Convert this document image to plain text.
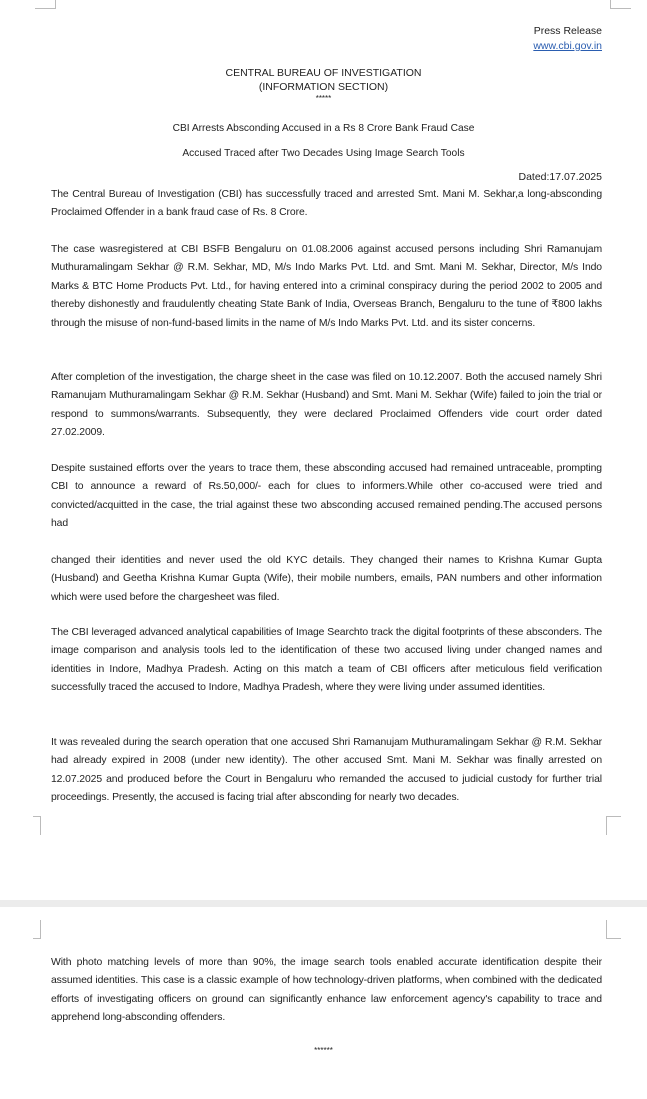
Press Release
www.cbi.gov.in
CENTRAL BUREAU OF INVESTIGATION
(INFORMATION SECTION)
*****
CBI Arrests Absconding Accused in a Rs 8 Crore Bank Fraud Case
Accused Traced after Two Decades Using Image Search Tools
Dated:17.07.2025
The Central Bureau of Investigation (CBI) has successfully traced and arrested Smt. Mani M. Sekhar,a long-absconding Proclaimed Offender in a bank fraud case of Rs. 8 Crore.
The case wasregistered at CBI BSFB Bengaluru on 01.08.2006 against accused persons including Shri Ramanujam Muthuramalingam Sekhar @ R.M. Sekhar, MD, M/s Indo Marks Pvt. Ltd. and Smt. Mani M. Sekhar, Director, M/s Indo Marks & BTC Home Products Pvt. Ltd., for having entered into a criminal conspiracy during the period 2002 to 2005 and thereby dishonestly and fraudulently cheating State Bank of India, Overseas Branch, Bengaluru to the tune of ₹800 lakhs through the misuse of non-fund-based limits in the name of M/s Indo Marks Pvt. Ltd. and its sister concerns.
After completion of the investigation, the charge sheet in the case was filed on 10.12.2007. Both the accused namely Shri Ramanujam Muthuramalingam Sekhar @ R.M. Sekhar (Husband) and Smt. Mani M. Sekhar (Wife) failed to join the trial or respond to summons/warrants. Subsequently, they were declared Proclaimed Offenders vide court order dated 27.02.2009.
Despite sustained efforts over the years to trace them, these absconding accused had remained untraceable, prompting CBI to announce a reward of Rs.50,000/- each for clues to informers.While other co-accused were tried and convicted/acquitted in the case, the trial against these two absconding accused remained pending.The accused persons had
changed their identities and never used the old KYC details. They changed their names to Krishna Kumar Gupta (Husband) and Geetha Krishna Kumar Gupta (Wife), their mobile numbers, emails, PAN numbers and other information which were used before the chargesheet was filed.
The CBI leveraged advanced analytical capabilities of Image Searchto track the digital footprints of these absconders. The image comparison and analysis tools led to the identification of these two accused living under changed names and identities in Indore, Madhya Pradesh. Acting on this match a team of CBI officers after meticulous field verification successfully traced the accused to Indore, Madhya Pradesh, where they were living under assumed identities.
It was revealed during the search operation that one accused Shri Ramanujam Muthuramalingam Sekhar @ R.M. Sekhar had already expired in 2008 (under new identity). The other accused Smt. Mani M. Sekhar was finally arrested on 12.07.2025 and produced before the Court in Bengaluru who remanded the accused to judicial custody for further trial proceedings. Presently, the accused is facing trial after absconding for nearly two decades.
With photo matching levels of more than 90%, the image search tools enabled accurate identification despite their assumed identities. This case is a classic example of how technology-driven platforms, when combined with the dedicated efforts of investigating officers on ground can significantly enhance law enforcement agency's capability to trace and apprehend long-absconding offenders.
******
